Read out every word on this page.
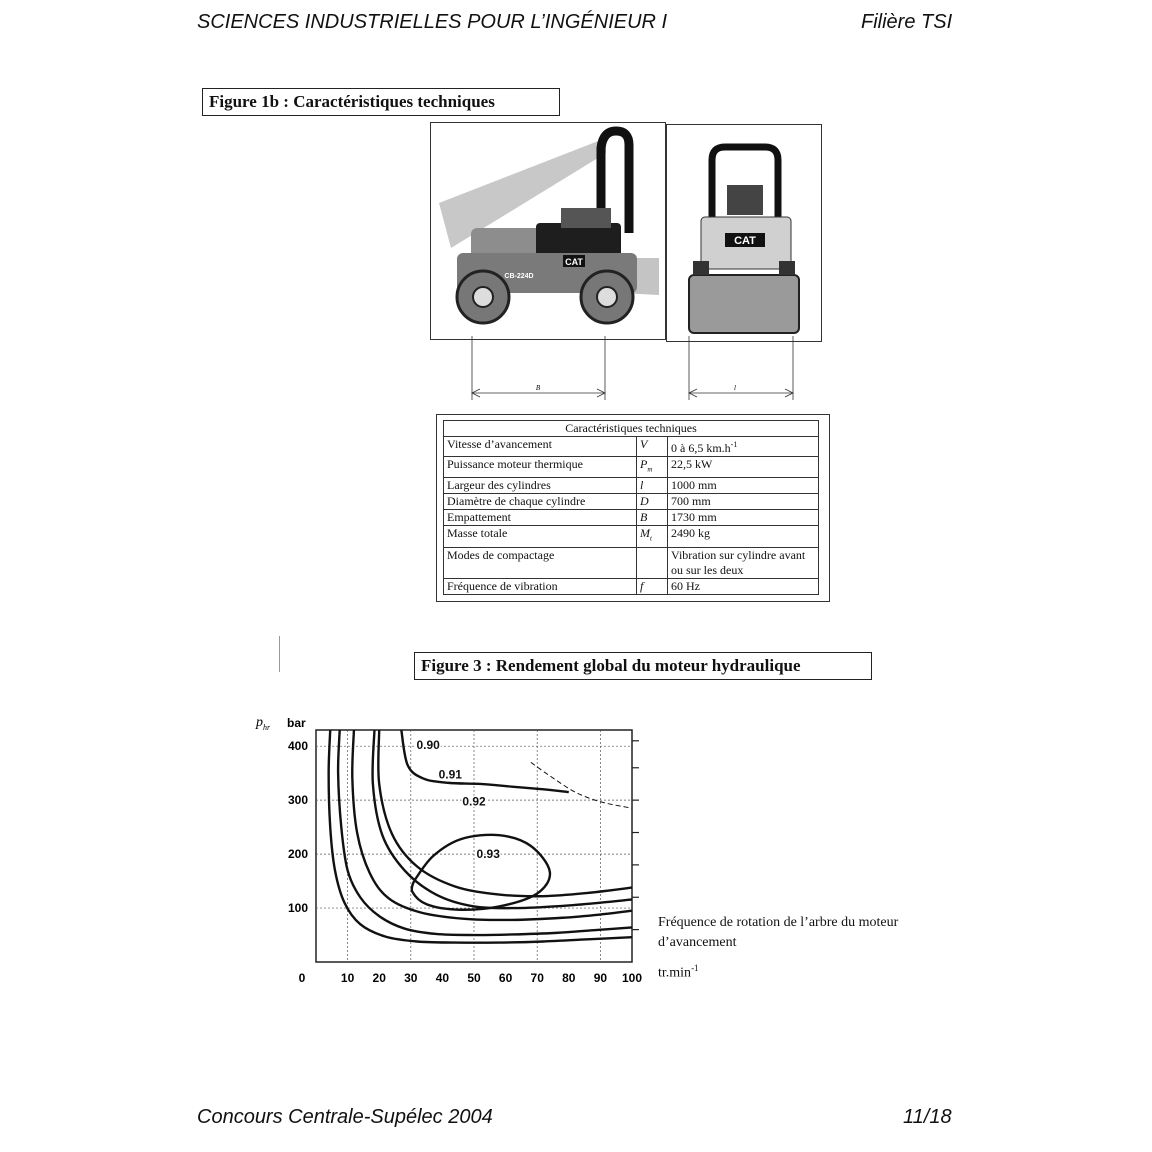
SCIENCES INDUSTRIELLES POUR L’INGÉNIEUR I	Filière TSI
Figure 1b : Caractéristiques techniques
CAT
CB-224D
CAT
B	l
Caractéristiques techniques		
Vitesse d’avancement	V	0 à 6,5 $km.h^{-1}$
Puissance moteur thermique	$P_m$	22,5 kW
Largeur des cylindres	l	1000 mm
Diamètre de chaque cylindre	D	700 mm
Empattement	B	1730 mm
Masse totale	$M_t$	2490 kg
Modes de compactage		Vibration sur cylindre avant ou sur les deux
Fréquence de vibration	f	60 Hz
Figure 3 : Rendement global du moteur hydraulique
$p_{hr}$ bar
0.90
0.91
0.92
0.93
0	10 20 30 40 50 60 70 80 90 100
100
200
300
400
Fréquence de rotation de l’arbre du moteur d’avancement
$tr.\min^{-1}$
Concours Centrale-Supélec 2004	11/18
